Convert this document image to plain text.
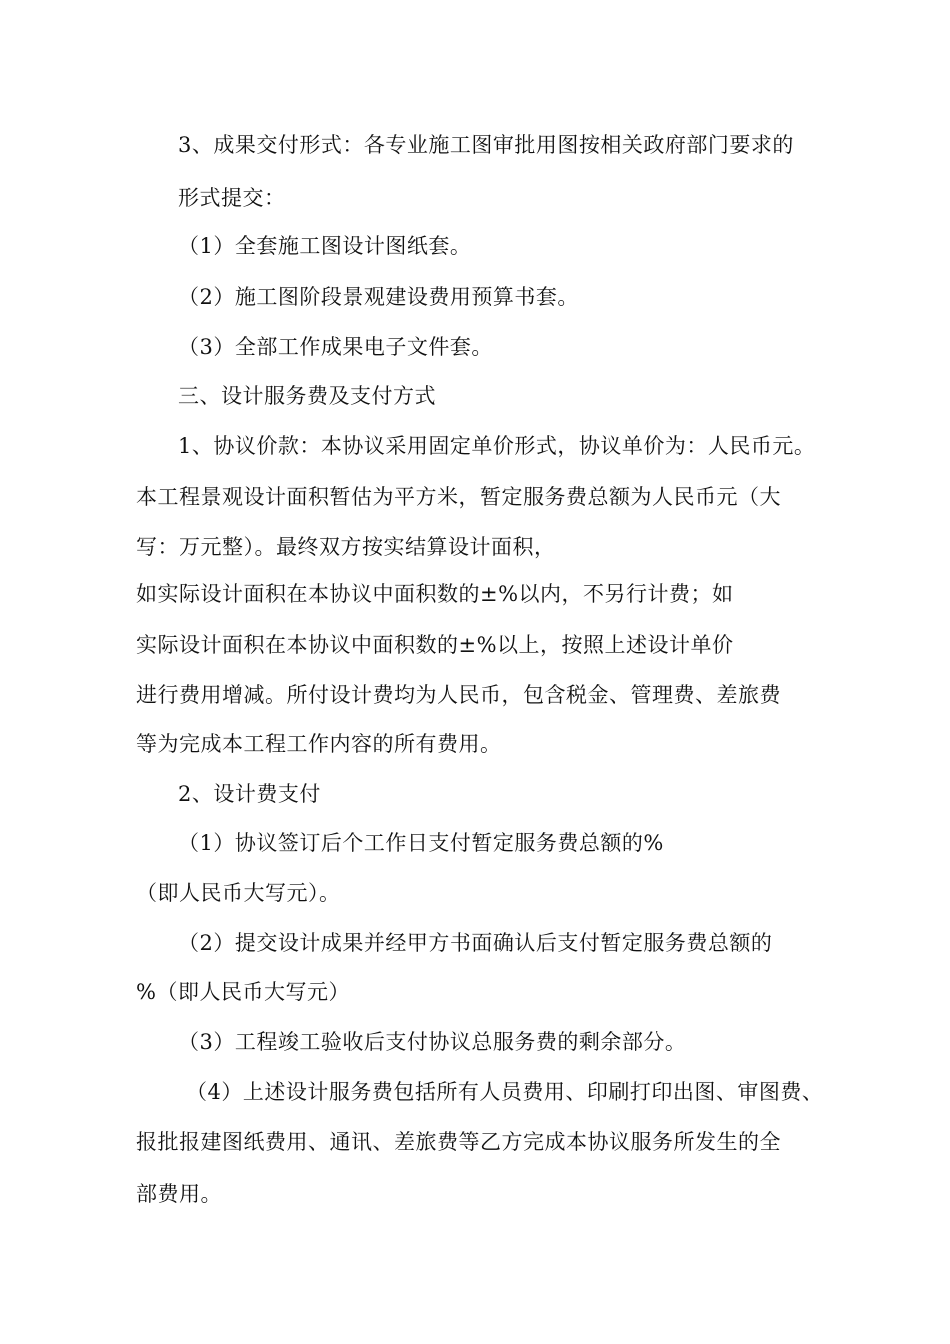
3、成果交付形式：各专业施工图审批用图按相关政府部门要求的
形式提交：
（1）全套施工图设计图纸套。
（2）施工图阶段景观建设费用预算书套。
（3）全部工作成果电子文件套。
三、设计服务费及支付方式
1、协议价款：本协议采用固定单价形式，协议单价为：人民币元。
本工程景观设计面积暂估为平方米，暂定服务费总额为人民币元（大
写：万元整）。最终双方按实结算设计面积，
如实际设计面积在本协议中面积数的±%以内，不另行计费；如
实际设计面积在本协议中面积数的±%以上，按照上述设计单价
进行费用增减。所付设计费均为人民币，包含税金、管理费、差旅费
等为完成本工程工作内容的所有费用。
2、设计费支付
（1）协议签订后个工作日支付暂定服务费总额的%
（即人民币大写元）。
（2）提交设计成果并经甲方书面确认后支付暂定服务费总额的
%（即人民币大写元）
（3）工程竣工验收后支付协议总服务费的剩余部分。
（4）上述设计服务费包括所有人员费用、印刷打印出图、审图费、
报批报建图纸费用、通讯、差旅费等乙方完成本协议服务所发生的全
部费用。
